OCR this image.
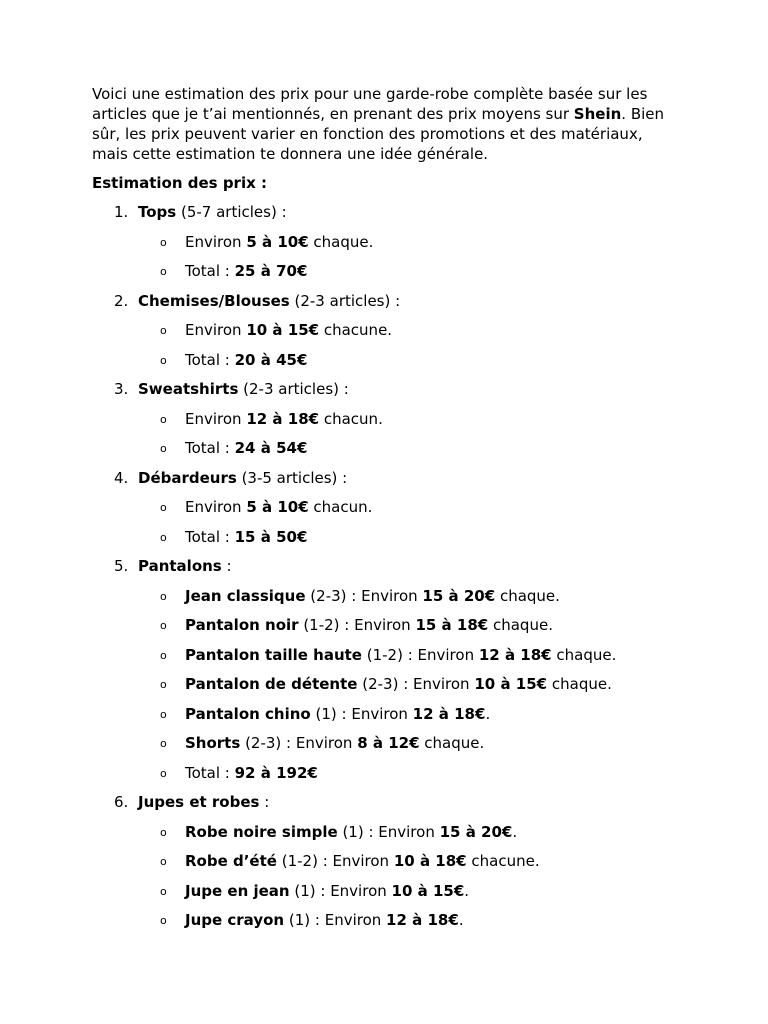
Voici une estimation des prix pour une garde-robe complète basée sur les articles que je t’ai mentionnés, en prenant des prix moyens sur Shein. Bien sûr, les prix peuvent varier en fonction des promotions et des matériaux, mais cette estimation te donnera une idée générale.

Estimation des prix :

1. Tops (5-7 articles) :
o Environ 5 à 10€ chaque.
o Total : 25 à 70€
2. Chemises/Blouses (2-3 articles) :
o Environ 10 à 15€ chacune.
o Total : 20 à 45€
3. Sweatshirts (2-3 articles) :
o Environ 12 à 18€ chacun.
o Total : 24 à 54€
4. Débardeurs (3-5 articles) :
o Environ 5 à 10€ chacun.
o Total : 15 à 50€
5. Pantalons :
o Jean classique (2-3) : Environ 15 à 20€ chaque.
o Pantalon noir (1-2) : Environ 15 à 18€ chaque.
o Pantalon taille haute (1-2) : Environ 12 à 18€ chaque.
o Pantalon de détente (2-3) : Environ 10 à 15€ chaque.
o Pantalon chino (1) : Environ 12 à 18€.
o Shorts (2-3) : Environ 8 à 12€ chaque.
o Total : 92 à 192€
6. Jupes et robes :
o Robe noire simple (1) : Environ 15 à 20€.
o Robe d’été (1-2) : Environ 10 à 18€ chacune.
o Jupe en jean (1) : Environ 10 à 15€.
o Jupe crayon (1) : Environ 12 à 18€.
